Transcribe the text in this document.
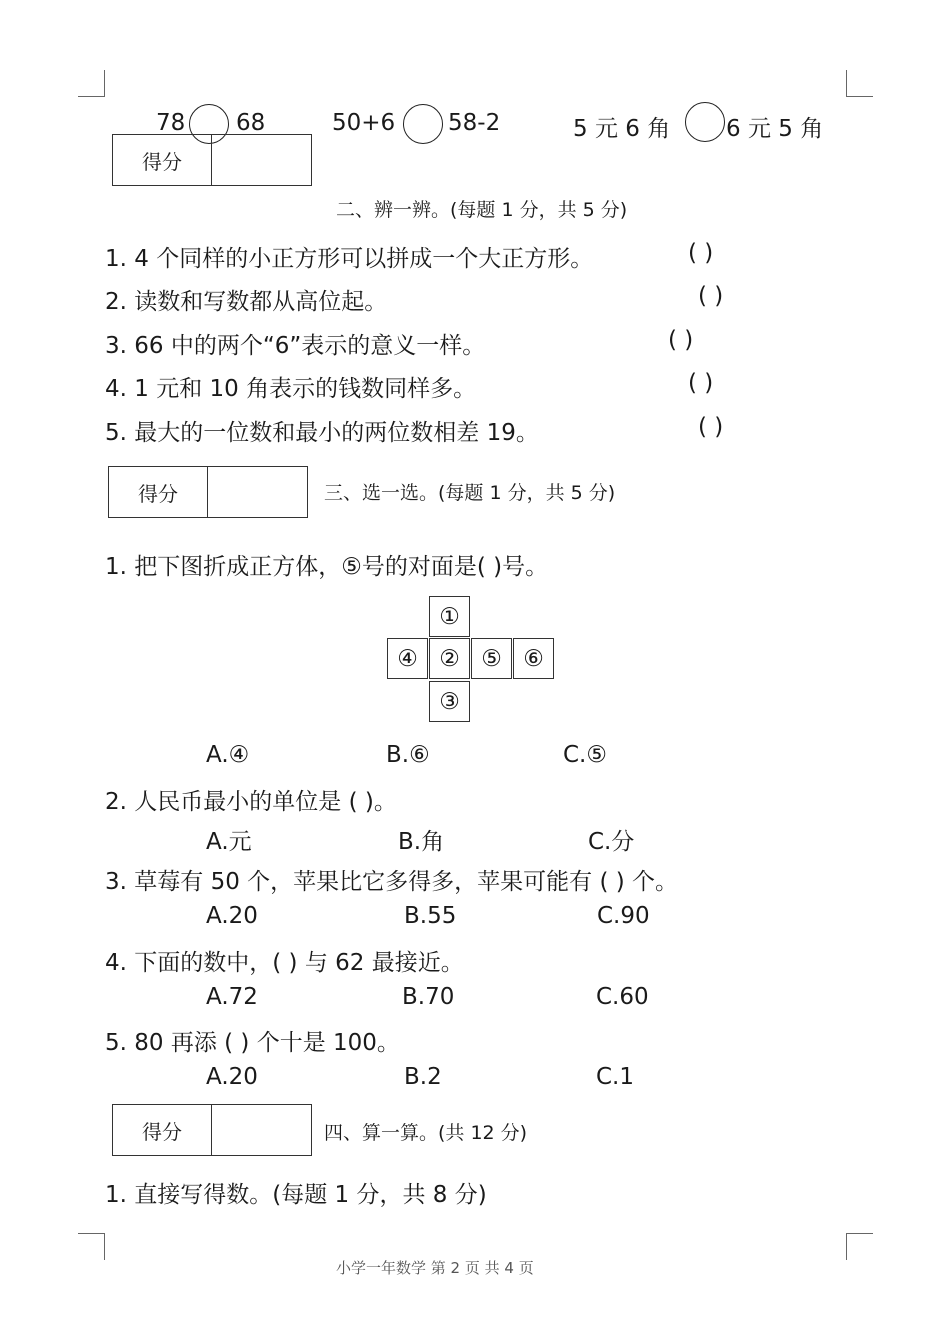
78 68	50+6 58-2	5 元 6 角 6 元 5 角
得分
二、辨一辨。(每题 1 分，共 5 分)
1. 4 个同样的小正方形可以拼成一个大正方形。	( )
2. 读数和写数都从高位起。	( )
3. 66 中的两个“6”表示的意义一样。	( )
4. 1 元和 10 角表示的钱数同样多。	( )
5. 最大的一位数和最小的两位数相差 19。	( )
得分	三、选一选。(每题 1 分，共 5 分)
1. 把下图折成正方体，⑤号的对面是( )号。
①
④ ② ⑤ ⑥
③
A.④	B.⑥	C.⑤
2. 人民币最小的单位是 ( )。
A.元	B.角	C.分
3. 草莓有 50 个，苹果比它多得多，苹果可能有 ( ) 个。
A.20	B.55	C.90
4. 下面的数中，( ) 与 62 最接近。
A.72	B.70	C.60
5. 80 再添 ( ) 个十是 100。
A.20	B.2	C.1
得分	四、算一算。(共 12 分)
1. 直接写得数。(每题 1 分，共 8 分)
小学一年数学 第 2 页 共 4 页
